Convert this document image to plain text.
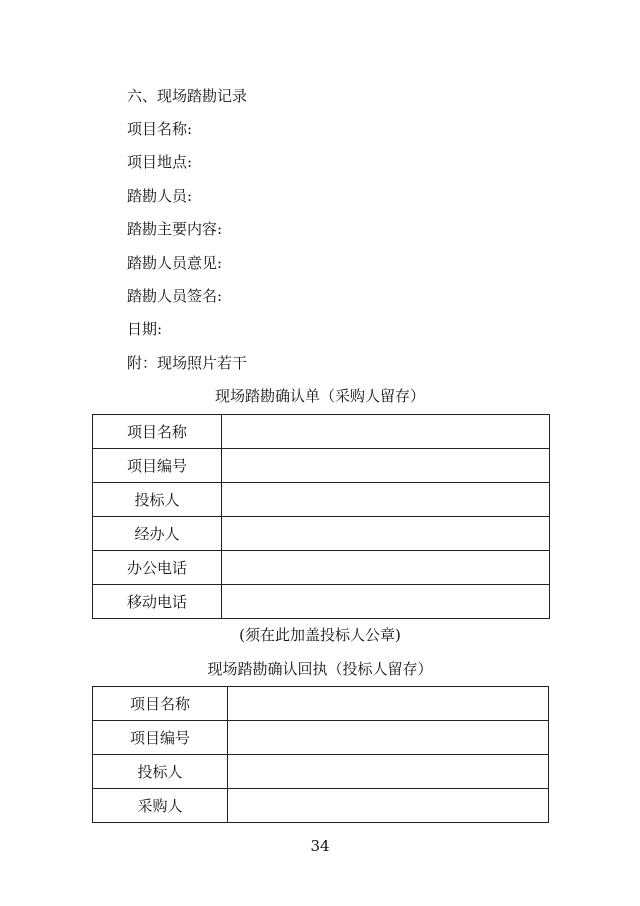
六、现场踏勘记录
项目名称:
项目地点:
踏勘人员:
踏勘主要内容:
踏勘人员意见:
踏勘人员签名:
日期:
附：现场照片若干
现场踏勘确认单（采购人留存）
项目名称	
项目编号	
投标人	
经办人	
办公电话	
移动电话	
(须在此加盖投标人公章)
现场踏勘确认回执（投标人留存）
项目名称	
项目编号	
投标人	
采购人	
34
